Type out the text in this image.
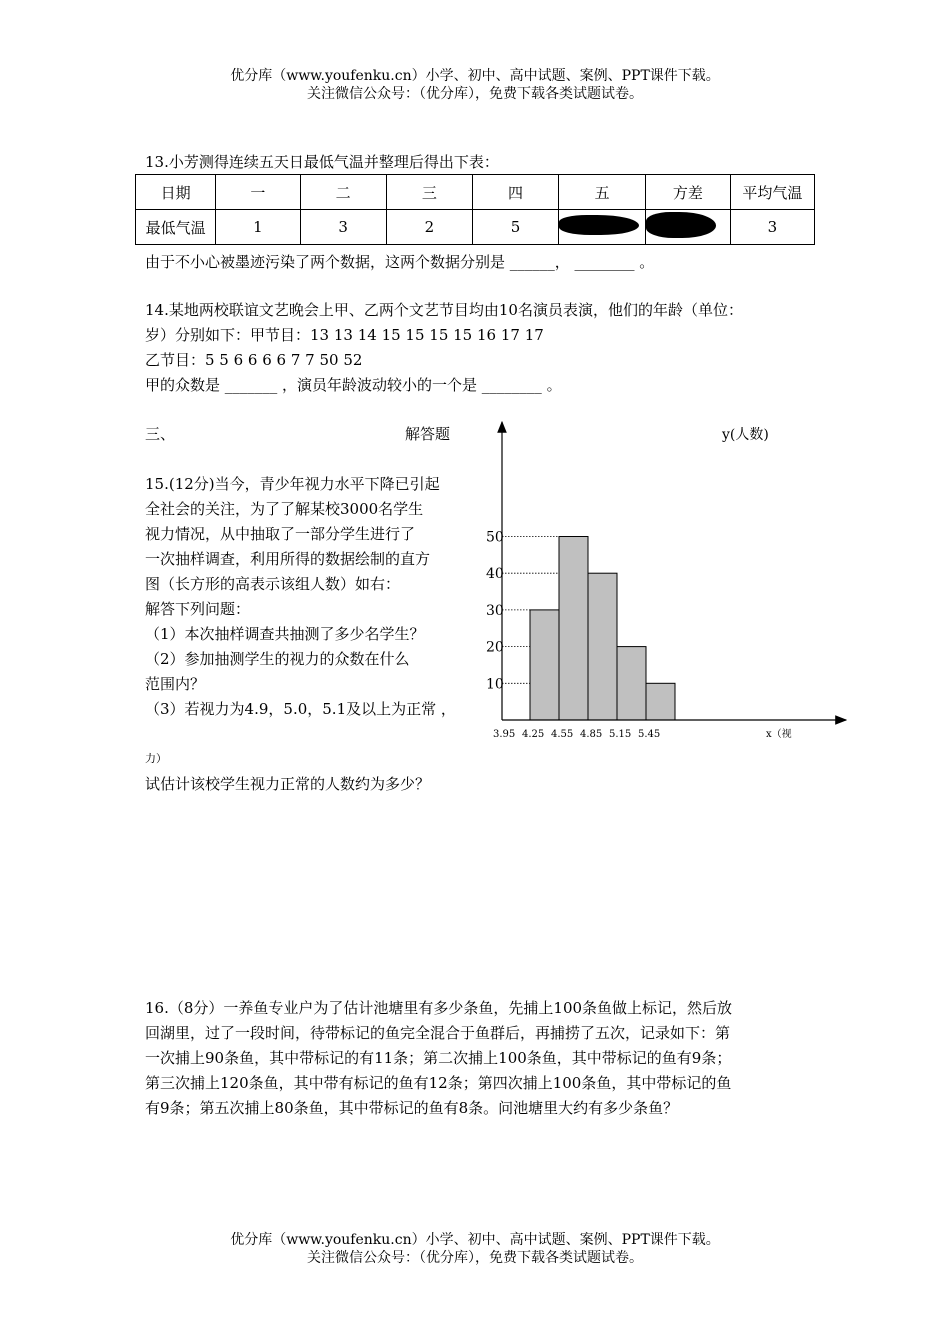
优分库（www.youfenku.cn）小学、初中、高中试题、案例、PPT课件下载。
关注微信公众号：（优分库），免费下载各类试题试卷。
13.小芳测得连续五天日最低气温并整理后得出下表：
日期	一	二	三	四	五	方差	平均气温
最低气温	1	3	2	5			3
由于不小心被墨迹污染了两个数据，这两个数据分别是 ______， ________ 。
14.某地两校联谊文艺晚会上甲、乙两个文艺节目均由10名演员表演，他们的年龄（单位：
岁）分别如下：甲节目：13 13 14 15 15 15 15 16 17 17
乙节目：5 5 6 6 6 6 7 7 50 52
甲的众数是 _______ ，演员年龄波动较小的一个是 ________ 。
三、	解答题
15.(12分)当今，青少年视力水平下降已引起
全社会的关注，为了了解某校3000名学生
视力情况，从中抽取了一部分学生进行了
一次抽样调查，利用所得的数据绘制的直方
图（长方形的高表示该组人数）如右：
解答下列问题：
（1）本次抽样调查共抽测了多少名学生？
（2）参加抽测学生的视力的众数在什么
范围内？
（3）若视力为4.9，5.0，5.1及以上为正常 ，
力）
试估计该校学生视力正常的人数约为多少？
y(人数)
x（视
10
20
30
40
50
3.95 4.25 4.55 4.85 5.15 5.45
16.（8分）一养鱼专业户为了估计池塘里有多少条鱼，先捕上100条鱼做上标记，然后放
回湖里，过了一段时间，待带标记的鱼完全混合于鱼群后，再捕捞了五次，记录如下：第
一次捕上90条鱼，其中带标记的有11条；第二次捕上100条鱼，其中带标记的鱼有9条；
第三次捕上120条鱼，其中带有标记的鱼有12条；第四次捕上100条鱼，其中带标记的鱼
有9条；第五次捕上80条鱼，其中带标记的鱼有8条。问池塘里大约有多少条鱼？
优分库（www.youfenku.cn）小学、初中、高中试题、案例、PPT课件下载。
关注微信公众号：（优分库），免费下载各类试题试卷。
